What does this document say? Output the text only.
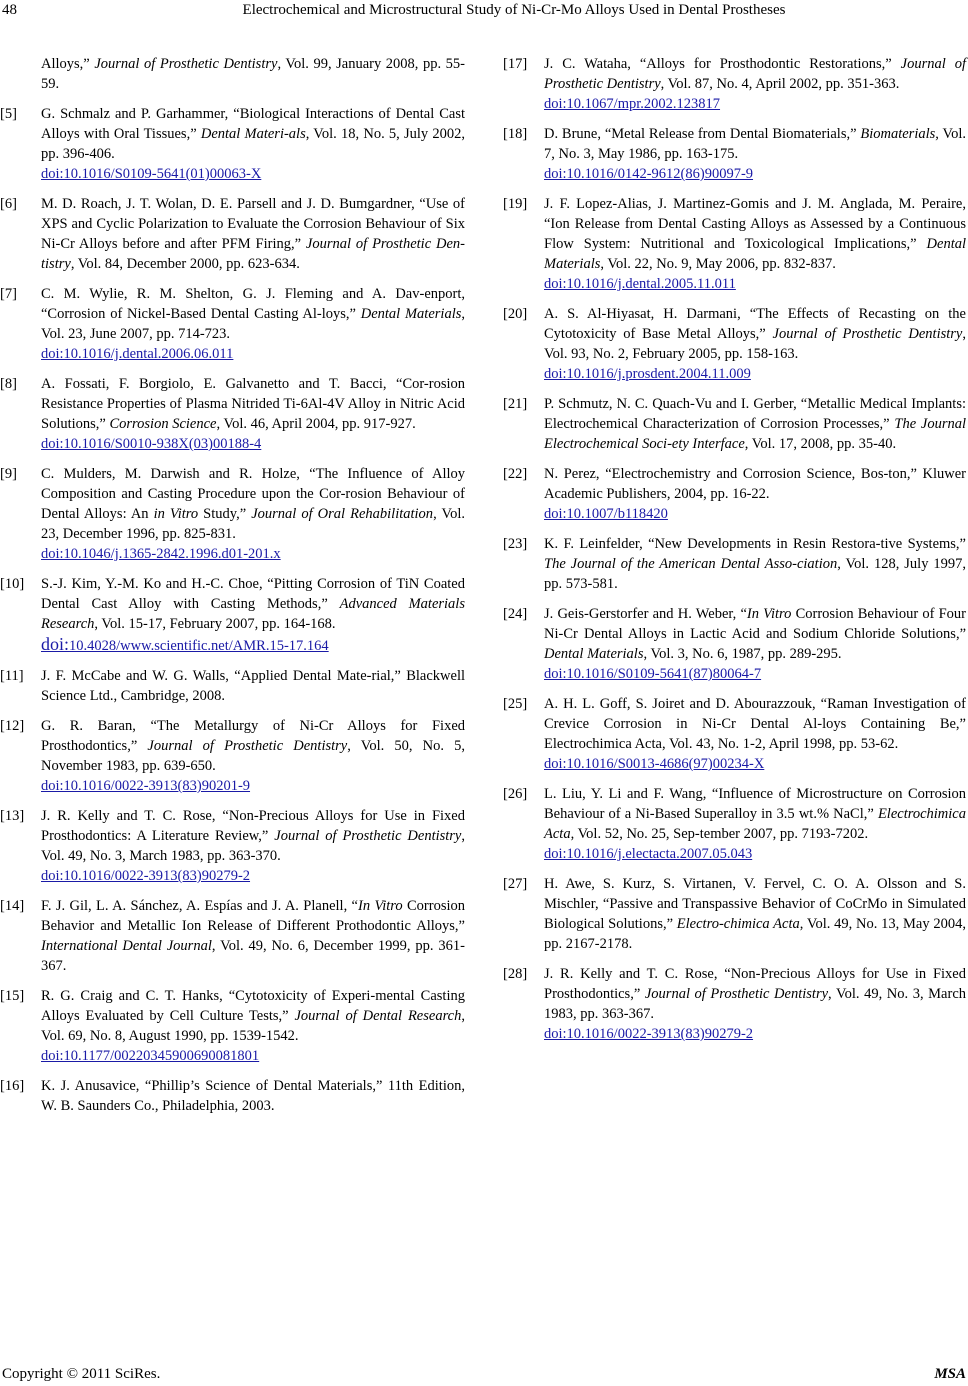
48	Electrochemical and Microstructural Study of Ni-Cr-Mo Alloys Used in Dental Prostheses
Alloys,” Journal of Prosthetic Dentistry, Vol. 99, January 2008, pp. 55-59.
[5] G. Schmalz and P. Garhammer, “Biological Interactions of Dental Cast Alloys with Oral Tissues,” Dental Materi-als, Vol. 18, No. 5, July 2002, pp. 396-406.
doi:10.1016/S0109-5641(01)00063-X
[6] M. D. Roach, J. T. Wolan, D. E. Parsell and J. D. Bumgardner, “Use of XPS and Cyclic Polarization to Evaluate the Corrosion Behaviour of Six Ni-Cr Alloys before and after PFM Firing,” Journal of Prosthetic Den-tistry, Vol. 84, December 2000, pp. 623-634.
[7] C. M. Wylie, R. M. Shelton, G. J. Fleming and A. Dav-enport, “Corrosion of Nickel-Based Dental Casting Al-loys,” Dental Materials, Vol. 23, June 2007, pp. 714-723.
doi:10.1016/j.dental.2006.06.011
[8] A. Fossati, F. Borgiolo, E. Galvanetto and T. Bacci, “Cor-rosion Resistance Properties of Plasma Nitrided Ti-6Al-4V Alloy in Nitric Acid Solutions,” Corrosion Science, Vol. 46, April 2004, pp. 917-927.
doi:10.1016/S0010-938X(03)00188-4
[9] C. Mulders, M. Darwish and R. Holze, “The Influence of Alloy Composition and Casting Procedure upon the Cor-rosion Behaviour of Dental Alloys: An in Vitro Study,” Journal of Oral Rehabilitation, Vol. 23, December 1996, pp. 825-831.
doi:10.1046/j.1365-2842.1996.d01-201.x
[10] S.-J. Kim, Y.-M. Ko and H.-C. Choe, “Pitting Corrosion of TiN Coated Dental Cast Alloy with Casting Methods,” Advanced Materials Research, Vol. 15-17, February 2007, pp. 164-168.
doi:10.4028/www.scientific.net/AMR.15-17.164
[11] J. F. McCabe and W. G. Walls, “Applied Dental Mate-rial,” Blackwell Science Ltd., Cambridge, 2008.
[12] G. R. Baran, “The Metallurgy of Ni-Cr Alloys for Fixed Prosthodontics,” Journal of Prosthetic Dentistry, Vol. 50, No. 5, November 1983, pp. 639-650.
doi:10.1016/0022-3913(83)90201-9
[13] J. R. Kelly and T. C. Rose, “Non-Precious Alloys for Use in Fixed Prosthodontics: A Literature Review,” Journal of Prosthetic Dentistry, Vol. 49, No. 3, March 1983, pp. 363-370.
doi:10.1016/0022-3913(83)90279-2
[14] F. J. Gil, L. A. Sánchez, A. Espías and J. A. Planell, “In Vitro Corrosion Behavior and Metallic Ion Release of Different Prothodontic Alloys,” International Dental Journal, Vol. 49, No. 6, December 1999, pp. 361-367.
[15] R. G. Craig and C. T. Hanks, “Cytotoxicity of Experi-mental Casting Alloys Evaluated by Cell Culture Tests,” Journal of Dental Research, Vol. 69, No. 8, August 1990, pp. 1539-1542.
doi:10.1177/00220345900690081801
[16] K. J. Anusavice, “Phillip’s Science of Dental Materials,” 11th Edition, W. B. Saunders Co., Philadelphia, 2003.
[17] J. C. Wataha, “Alloys for Prosthodontic Restorations,” Journal of Prosthetic Dentistry, Vol. 87, No. 4, April 2002, pp. 351-363.
doi:10.1067/mpr.2002.123817
[18] D. Brune, “Metal Release from Dental Biomaterials,” Biomaterials, Vol. 7, No. 3, May 1986, pp. 163-175.
doi:10.1016/0142-9612(86)90097-9
[19] J. F. Lopez-Alias, J. Martinez-Gomis and J. M. Anglada, M. Peraire, “Ion Release from Dental Casting Alloys as Assessed by a Continuous Flow System: Nutritional and Toxicological Implications,” Dental Materials, Vol. 22, No. 9, May 2006, pp. 832-837.
doi:10.1016/j.dental.2005.11.011
[20] A. S. Al-Hiyasat, H. Darmani, “The Effects of Recasting on the Cytotoxicity of Base Metal Alloys,” Journal of Prosthetic Dentistry, Vol. 93, No. 2, February 2005, pp. 158-163.
doi:10.1016/j.prosdent.2004.11.009
[21] P. Schmutz, N. C. Quach-Vu and I. Gerber, “Metallic Medical Implants: Electrochemical Characterization of Corrosion Processes,” The Journal Electrochemical Soci-ety Interface, Vol. 17, 2008, pp. 35-40.
[22] N. Perez, “Electrochemistry and Corrosion Science, Bos-ton,” Kluwer Academic Publishers, 2004, pp. 16-22.
doi:10.1007/b118420
[23] K. F. Leinfelder, “New Developments in Resin Restora-tive Systems,” The Journal of the American Dental Asso-ciation, Vol. 128, July 1997, pp. 573-581.
[24] J. Geis-Gerstorfer and H. Weber, “In Vitro Corrosion Behaviour of Four Ni-Cr Dental Alloys in Lactic Acid and Sodium Chloride Solutions,” Dental Materials, Vol. 3, No. 6, 1987, pp. 289-295.
doi:10.1016/S0109-5641(87)80064-7
[25] A. H. L. Goff, S. Joiret and D. Abourazzouk, “Raman Investigation of Crevice Corrosion in Ni-Cr Dental Al-loys Containing Be,” Electrochimica Acta, Vol. 43, No. 1-2, April 1998, pp. 53-62.
doi:10.1016/S0013-4686(97)00234-X
[26] L. Liu, Y. Li and F. Wang, “Influence of Microstructure on Corrosion Behaviour of a Ni-Based Superalloy in 3.5 wt.% NaCl,” Electrochimica Acta, Vol. 52, No. 25, Sep-tember 2007, pp. 7193-7202.
doi:10.1016/j.electacta.2007.05.043
[27] H. Awe, S. Kurz, S. Virtanen, V. Fervel, C. O. A. Olsson and S. Mischler, “Passive and Transpassive Behavior of CoCrMo in Simulated Biological Solutions,” Electro-chimica Acta, Vol. 49, No. 13, May 2004, pp. 2167-2178.
[28] J. R. Kelly and T. C. Rose, “Non-Precious Alloys for Use in Fixed Prosthodontics,” Journal of Prosthetic Dentistry, Vol. 49, No. 3, March 1983, pp. 363-367.
doi:10.1016/0022-3913(83)90279-2
Copyright © 2011 SciRes.	MSA
